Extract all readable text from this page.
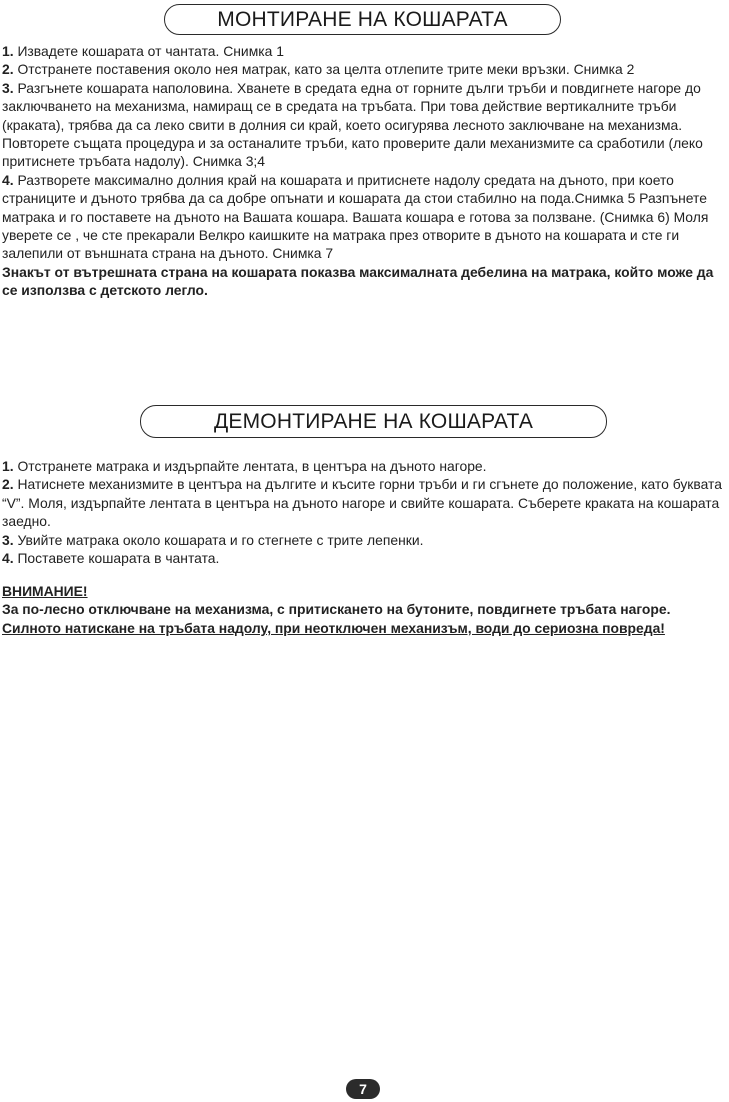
МОНТИРАНЕ НА КОШАРАТА

1. Извадете кошарата от чантата. Снимка 1

2. Отстранете поставения около нея матрак, като за целта отлепите трите меки връзки. Снимка 2

3. Разгънете кошарата наполовина. Хванете в средата една от горните дълги тръби и повдигнете нагоре до заключването на механизма, намиращ се в средата на тръбата. При това действие вертикалните тръби (краката), трябва да са леко свити в долния си край, което осигурява лесното заключване на механизма. Повторете същата процедура и за останалите тръби, като проверите дали механизмите са сработили (леко притиснете тръбата надолу). Снимка 3;4

4. Разтворете максимално долния край на кошарата и притиснете надолу средата на дъното, при което страниците и дъното трябва да са добре опънати и кошарата да стои стабилно на пода.Снимка 5 Разпънете матрака и го поставете на дъното на Вашата кошара. Вашата кошара е готова за ползване. (Снимка 6) Моля уверете се , че сте прекарали Велкро каишките на матрака през отворите в дъното на кошарата и сте ги залепили от външната страна на дъното. Снимка 7

Знакът от вътрешната страна на кошарата показва максималната дебелина на матрака, който може да се използва с детското легло.

ДЕМОНТИРАНЕ НА КОШАРАТА

1. Отстранете матрака и издърпайте лентата, в центъра на дъното нагоре.

2. Натиснете механизмите в центъра на дългите и късите горни тръби и ги сгънете до положение, като буквата “V”. Моля, издърпайте лентата в центъра на дъното нагоре и свийте кошарата. Съберете краката на кошарата заедно.

3. Увийте матрака около кошарата и го стегнете с трите лепенки.

4. Поставете кошарата в чантата.

ВНИМАНИЕ!

За по-лесно отключване на механизма, с притискането на бутоните, повдигнете тръбата нагоре. Силното натискане на тръбата надолу, при неотключен механизъм, води до сериозна повреда!

7
